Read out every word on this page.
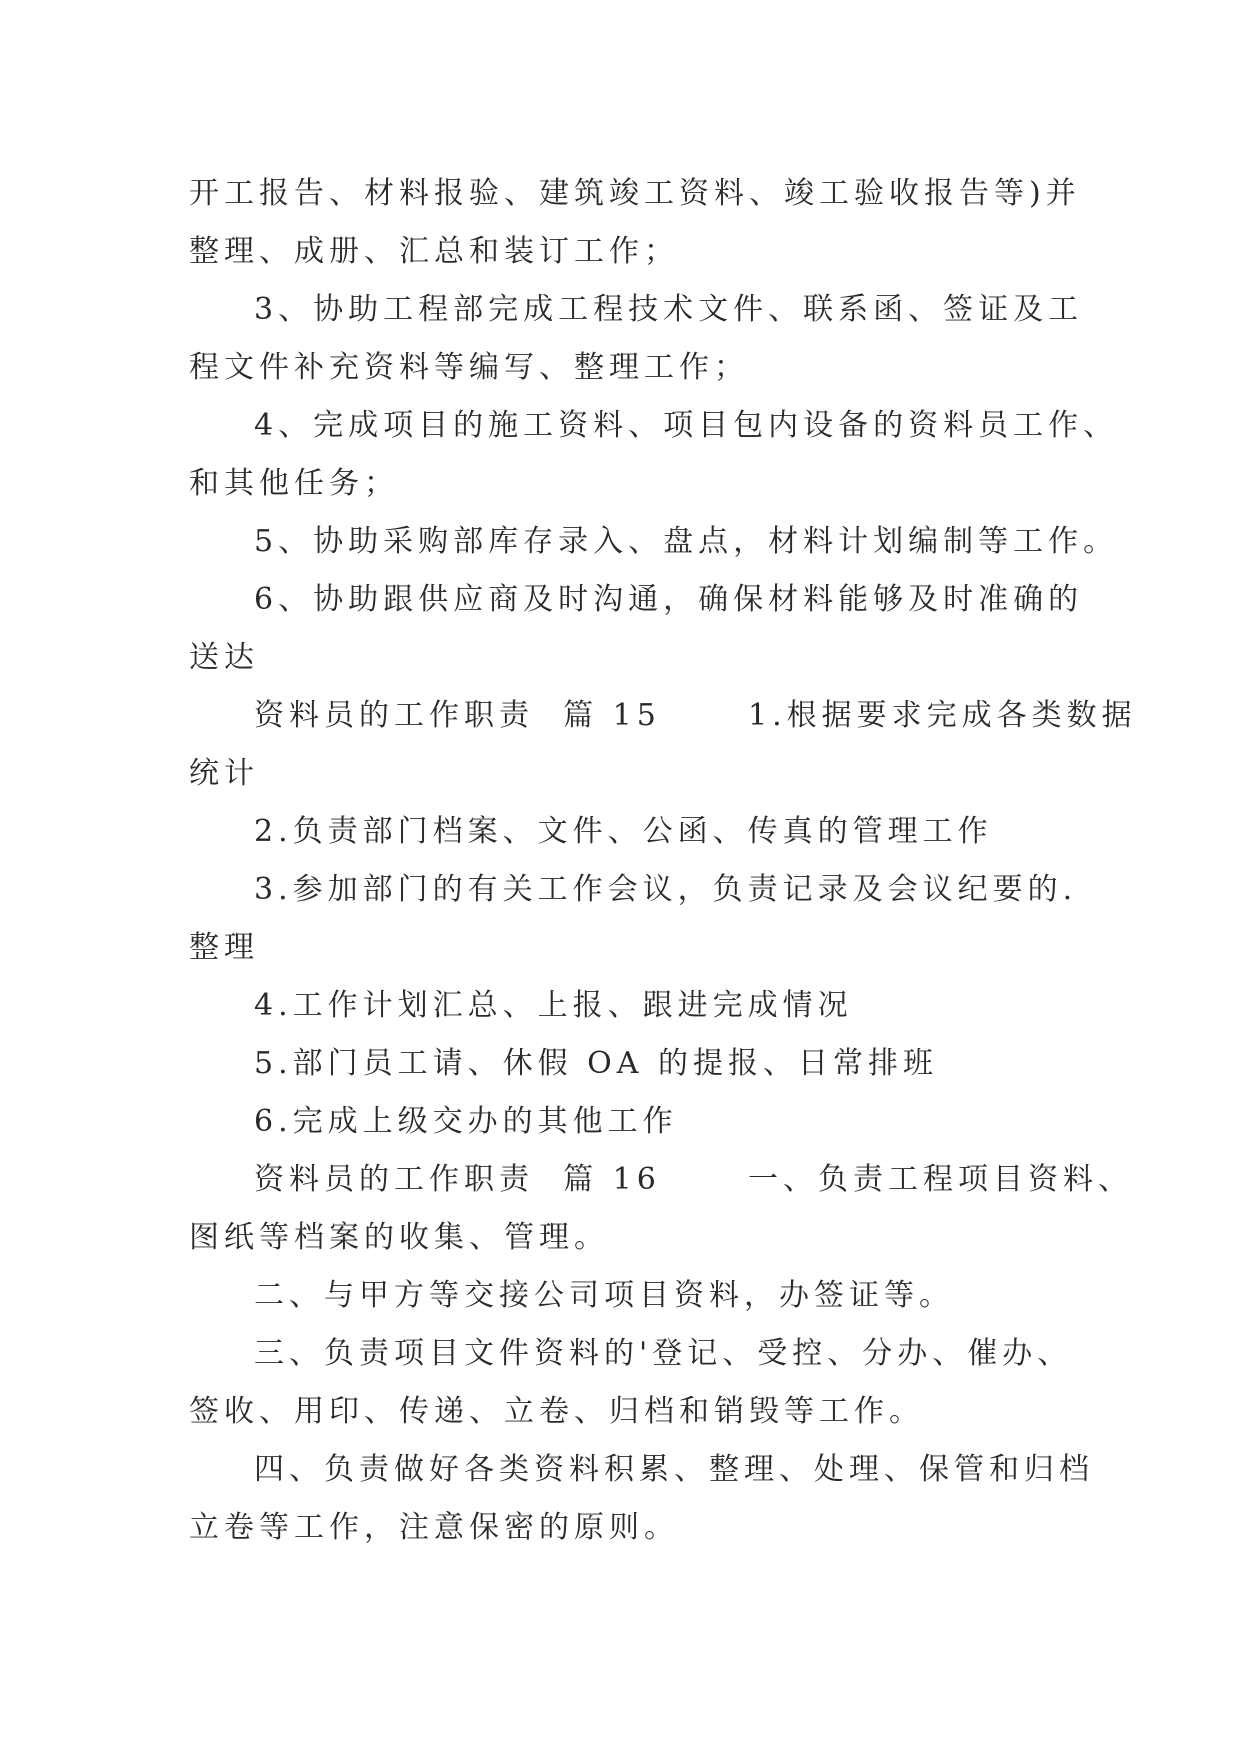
开工报告、材料报验、建筑竣工资料、竣工验收报告等)并
整理、成册、汇总和装订工作；
3、协助工程部完成工程技术文件、联系函、签证及工
程文件补充资料等编写、整理工作；
4、完成项目的施工资料、项目包内设备的资料员工作、
和其他任务；
5、协助采购部库存录入、盘点，材料计划编制等工作。
6、协助跟供应商及时沟通，确保材料能够及时准确的
送达
资料员的工作职责  篇 15      1.根据要求完成各类数据
统计
2.负责部门档案、文件、公函、传真的管理工作
3.参加部门的有关工作会议，负责记录及会议纪要的.
整理
4.工作计划汇总、上报、跟进完成情况
5.部门员工请、休假 OA 的提报、日常排班
6.完成上级交办的其他工作
资料员的工作职责  篇 16      一、负责工程项目资料、
图纸等档案的收集、管理。
二、与甲方等交接公司项目资料，办签证等。
三、负责项目文件资料的'登记、受控、分办、催办、
签收、用印、传递、立卷、归档和销毁等工作。
四、负责做好各类资料积累、整理、处理、保管和归档
立卷等工作，注意保密的原则。
